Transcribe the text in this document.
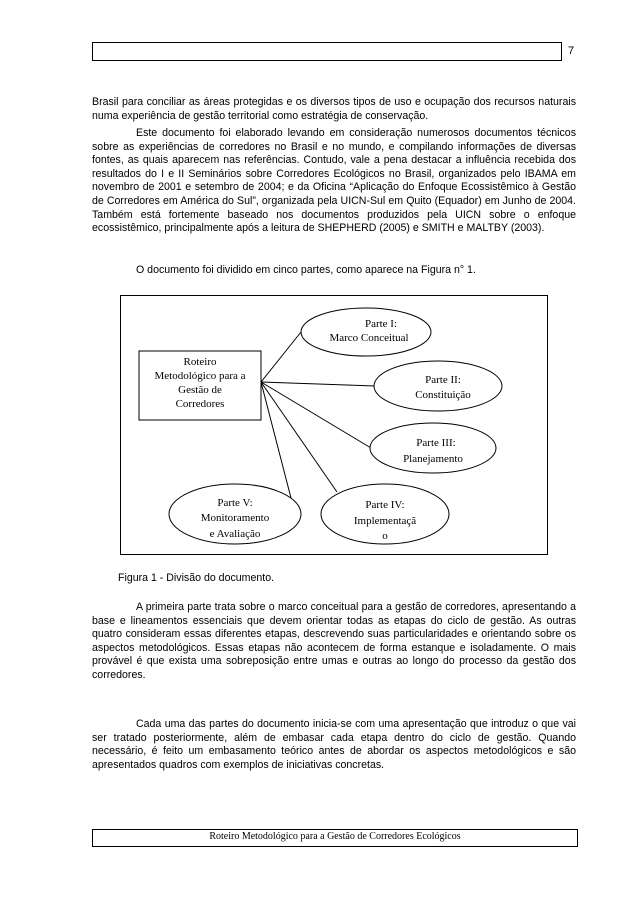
7

Brasil para conciliar as áreas protegidas e os diversos tipos de uso e ocupação dos recursos naturais numa experiência de gestão territorial como estratégia de conservação.

Este documento foi elaborado levando em consideração numerosos documentos técnicos sobre as experiências de corredores no Brasil e no mundo, e compilando informações de diversas fontes, as quais aparecem nas referências. Contudo, vale a pena destacar a influência recebida dos resultados do I e II Seminários sobre Corredores Ecológicos no Brasil, organizados pelo IBAMA em novembro de 2001 e setembro de 2004; e da Oficina “Aplicação do Enfoque Ecossistêmico à Gestão de Corredores em América do Sul”, organizada pela UICN-Sul em Quito (Equador) em Junho de 2004. Também está fortemente baseado nos documentos produzidos pela UICN sobre o enfoque ecossistêmico, principalmente após a leitura de SHEPHERD (2005) e SMITH e MALTBY (2003).

O documento foi dividido em cinco partes, como aparece na Figura n° 1.

Roteiro
Metodológico para a
Gestão de
Corredores
Parte I:
Marco Conceitual
Parte II:
Constituição
Parte III:
Planejamento
Parte IV:
Implementaçã
o
Parte V:
Monitoramento
e Avaliação
Figura 1 - Divisão do documento.

A primeira parte trata sobre o marco conceitual para a gestão de corredores, apresentando a base e lineamentos essenciais que devem orientar todas as etapas do ciclo de gestão. As outras quatro consideram essas diferentes etapas, descrevendo suas particularidades e orientando sobre os aspectos metodológicos. Essas etapas não acontecem de forma estanque e isoladamente. O mais provável é que exista uma sobreposição entre umas e outras ao longo do processo da gestão dos corredores.

Cada uma das partes do documento inicia-se com uma apresentação que introduz o que vai ser tratado posteriormente, além de embasar cada etapa dentro do ciclo de gestão. Quando necessário, é feito um embasamento teórico antes de abordar os aspectos metodológicos e são apresentados quadros com exemplos de iniciativas concretas.

Roteiro Metodológico para a Gestão de Corredores Ecológicos
